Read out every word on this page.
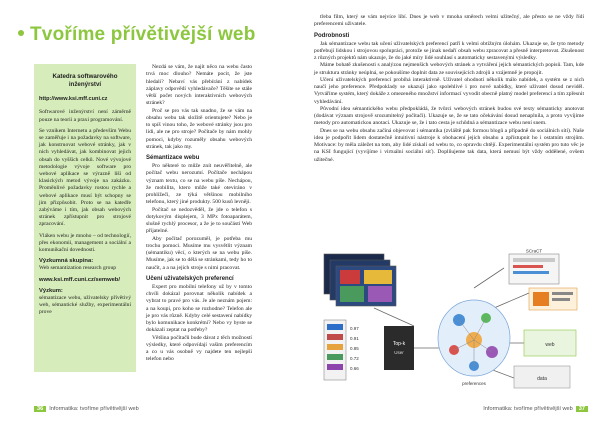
Tvoříme přívětivější web
Katedra softwarového inženýrství
http://www.ksi.mff.cuni.cz

Softwarové inženýrství není záměrně pouze na teorii a praxi programování.

Se vznikem Internetu a především Webu se zaměřuje i na požadavky na software, jak konstruovat webové stránky, jak v nich vyhledávat, jak kombinovat jejich obsah do vyšších celků. Nové vývojové metodologie vývoje software pro webové aplikace se výrazně liší od klasických metod vývoje na zakázku. Proměnlivé požadavky rostou rychle a webové aplikace musí být schopny se jim přizpůsobit. Proto se na katedře zabýváme i tím, jak obsah webových stránek zpřístupnit pro strojové zpracování.

Vláken webu je mnoho – od technologií, přes ekonomii, management a sociální a komunikační dovednosti.

Výzkumná skupina:
Web semantization research group

www.ksi.mff.cuni.cz/semweb/

Výzkum:
sémantizace webu, uživatelsky přívětivý web, sémantické služby, experimentální prove

Nezdá se vám, že najít něco na webu často trvá moc dlouho? Nemáte pocit, že jste hledali? Nebaví vás přebírání z nabídek záplavy odpovědí vyhledávače? Těšíte se stále větší počet nových interaktivních webových stránek?

Proč se pro vás tak snadno, že se vám na obsahu webu tak složitě orientujete? Nebo je to spíš vinou toho, že webové stránky jsou pro lidi, ale ne pro stroje? Počítače by nám mohly pomoci, kdyby rozuměly obsahu webových stránek, tak jako my.

Sémantizace webu

Pro některé to může znít neuvěřitelně, ale počítač webu nerozumí. Počítače nechápou význam textu, co se na webu píše. Nechápou, že mobilita, ktero může také oteviráno v prohlížeči, ze týká většinou mobilního telefonu, který jiné produkty. 500 kusů levněji.

Počítač se nedozvěděl, že jde o telefon s dotykovým displejem, 3 MPx fotoaparátem, slušně rychlý procesor, a že je to součástí Web přijatelné.

Aby počítač porozuměl, je potřeba mu trochu pomoci. Musíme mu vysvětlit význam (sémantiku) věcí, o kterých se na webu píše. Musíme, jak se to dělá se stránkami, tedy ho to naučit, a a na jejich stroje s nimi pracovat.

Učení uživatelských preferencí

Expert pro mobilní telefony už by v tomto chvíli dokázal porovnat několik nabídek a vybrat to pravé pro vás. Je ale neznám pojem: a na koupi, pro koho se rozhodne? Telefon ale je pro vás různě. Kdyby celé sestavení nabídky bylo komunikace konkrétní? Nebo vy byste se dokázali zeptat na potřeby?

Většina počítačů bude dávat z těch možností výsledky, které odpovídají vašim preferencím a co u vás osobně vy najdete ten nejlepší telefon nebo

36 Informatika: tvoříme přívětivější web

třeba film, který se vám nejvíce líbí. Dnes je web v mnoha směrech velmi užitečný, ale přesto se ne vždy řídí preferencemi uživatele.

Podrobnosti

Jak sémantizace webu tak učení uživatelských preferencí patří k velmi obtížným úlohám. Ukazuje se, že tyto metody potřebují lidskou i strojovou spolupráci, protože se jinak nedaří obsah webu zpracovat a přesně interpretovat. Zkušenost z různých projektů nám ukazuje, že do jaké míry lidé souhlasí s automaticky sestavenými výsledky.

Máme bohatě zkušenosti s analýzou nejmenších webových stránek a vytváření jejich sémantických popisů. Tam, kde je struktura stránky neúplná, se pokoušíme doplnit data ze souvisejících zdrojů a vzájemně je propojit.

Učení uživatelských preferencí probíhá interaktivně. Uživatel ohodnotí několik málo nabídek, a systém se z nich naučí jeho preference. Předpoklady se ukazují jako spolehlivé i pro nové nabídky, které uživatel dosud neviděl. Vytváříme systém, který dokáže z omezeného množství informací vyvodit obecně platný model preferencí a tím zpřesnit vyhledávání.

Původní idea sémantického webu předpokládá, že tvůrci webových stránek budou své texty sémanticky anotovat (dodávat význam strojově srozumitelný počítači). Ukazuje se, že se tato očekávání dosud nenaplnila, a proto vyvíjíme metody pro automatickou anotaci. Ukazuje se, že i tato cesta je schůdná a sémantizace webu není snem.

Dnes se na webu obsahu začíná objevovat i sémantika (zvláště pak formou blogů a případně do sociálních sítí). Naše idea je podpořit lidem dostatečně intuitivní nástroje k obohacení jejich obsahu a zpřístupnit ho i ostatním strojům. Motivace: by měla záležet na tom, aby lidé získali od webu to, co opravdu chtějí. Experimentální systém pro tuto věc je na KSI fungující (vyvíjíme i virtuální sociální síť). Doplňujeme tak data, která nemusí být vždy oddělené, ovšem užitečné.

0.97
0.91
0.85
0.72
0.66
Top-k
User
preferences
SCraCT
web
data
Informatika: tvoříme přívětivější web 37
